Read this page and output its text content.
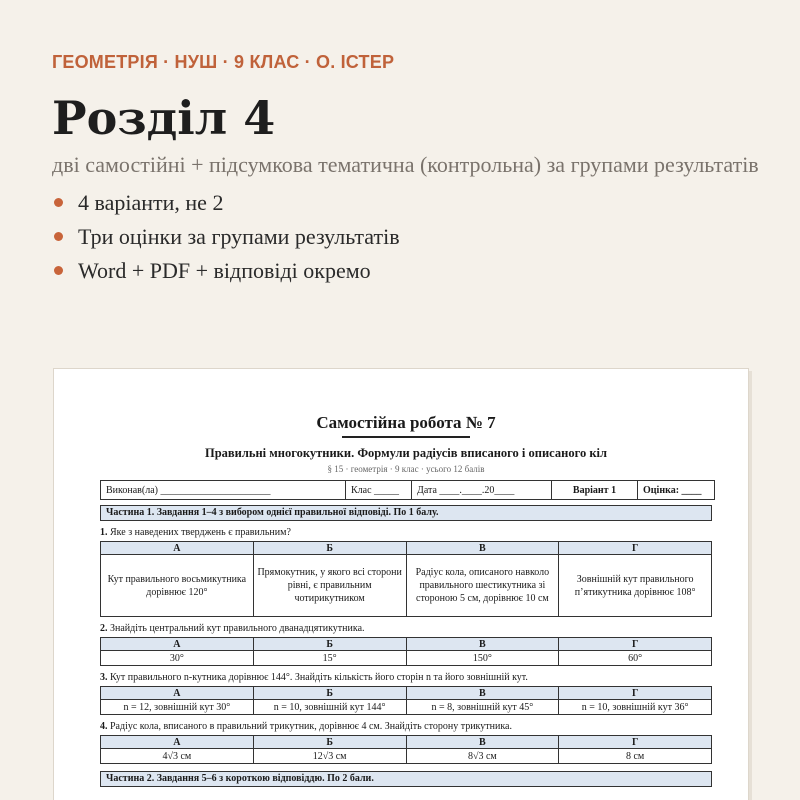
ГЕОМЕТРІЯ · НУШ · 9 КЛАС · О. ІСТЕР
Розділ 4
дві самостійні + підсумкова тематична (контрольна) за групами результатів
4 варіанти, не 2
Три оцінки за групами результатів
Word + PDF + відповіді окремо
Самостійна робота № 7
Правильні многокутники. Формули радіусів вписаного і описаного кіл
§ 15 · геометрія · 9 клас · усього 12 балів
Виконав(ла) ______________________	Клас _____	Дата ____.____.20____	Варіант 1	Оцінка: ____
Частина 1. Завдання 1–4 з вибором однієї правильної відповіді. По 1 балу.
1. Яке з наведених тверджень є правильним?
А	Б	В	Г
Кут правильного восьмикутника дорівнює 120°	Прямокутник, у якого всі сторони рівні, є правильним чотирикутником	Радіус кола, описаного навколо правильного шестикутника зі стороною 5 см, дорівнює 10 см	Зовнішній кут правильного п’ятикутника дорівнює 108°
2. Знайдіть центральний кут правильного дванадцятикутника.
А	Б	В	Г
30°	15°	150°	60°
3. Кут правильного n-кутника дорівнює 144°. Знайдіть кількість його сторін n та його зовнішній кут.
А	Б	В	Г
n = 12, зовнішній кут 30°	n = 10, зовнішній кут 144°	n = 8, зовнішній кут 45°	n = 10, зовнішній кут 36°
4. Радіус кола, вписаного в правильний трикутник, дорівнює 4 см. Знайдіть сторону трикутника.
А	Б	В	Г
4√3 см	12√3 см	8√3 см	8 см
Частина 2. Завдання 5–6 з короткою відповіддю. По 2 бали.
